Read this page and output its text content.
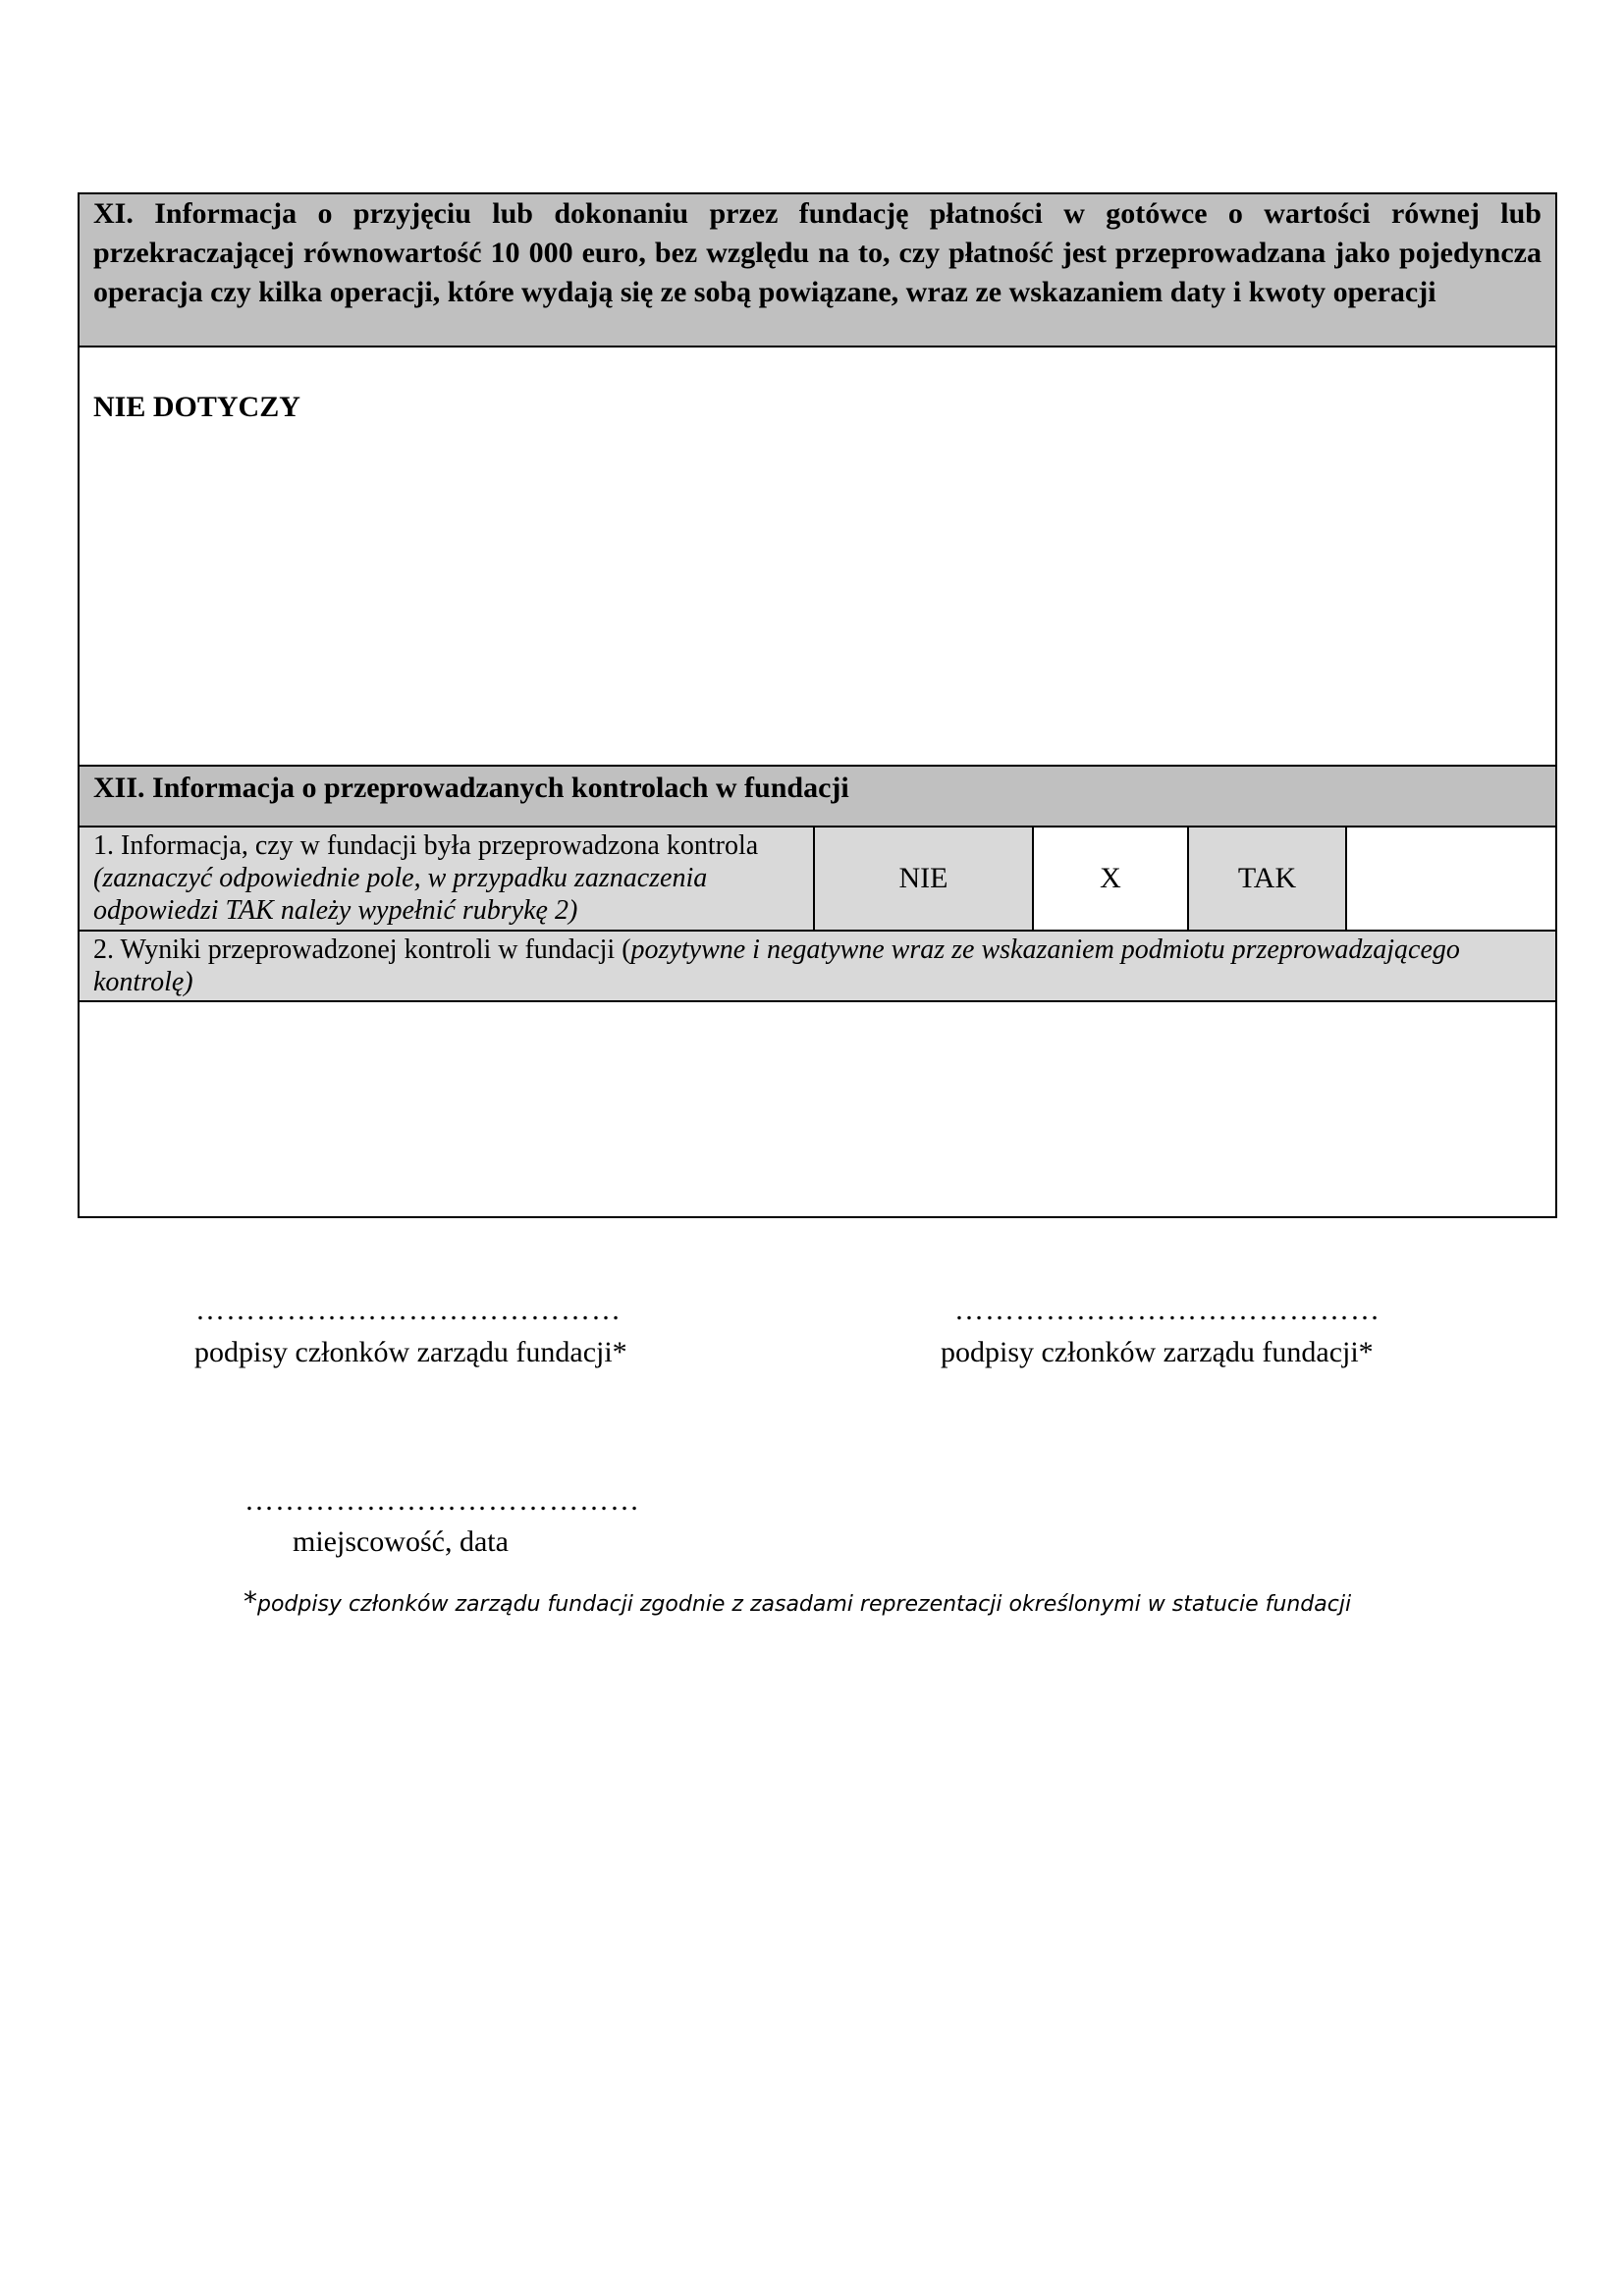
XI. Informacja o przyjęciu lub dokonaniu przez fundację płatności w gotówce o wartości równej lub przekraczającej równowartość 10 000 euro, bez względu na to, czy płatność jest przeprowadzana jako pojedyncza operacja czy kilka operacji, które wydają się ze sobą powiązane, wraz ze wskazaniem daty i kwoty operacji
NIE DOTYCZY
XII. Informacja o przeprowadzanych kontrolach w fundacji
1. Informacja, czy w fundacji była przeprowadzona kontrola (zaznaczyć odpowiednie pole, w przypadku zaznaczenia odpowiedzi TAK należy wypełnić rubrykę 2)
NIE	X	TAK
2. Wyniki przeprowadzonej kontroli w fundacji (pozytywne i negatywne wraz ze wskazaniem podmiotu przeprowadzającego kontrolę)
……………………………………
podpisy członków zarządu fundacji*
……………………………………
podpisy członków zarządu fundacji*
…………………………………
miejscowość, data
*podpisy członków zarządu fundacji zgodnie z zasadami reprezentacji określonymi w statucie fundacji
